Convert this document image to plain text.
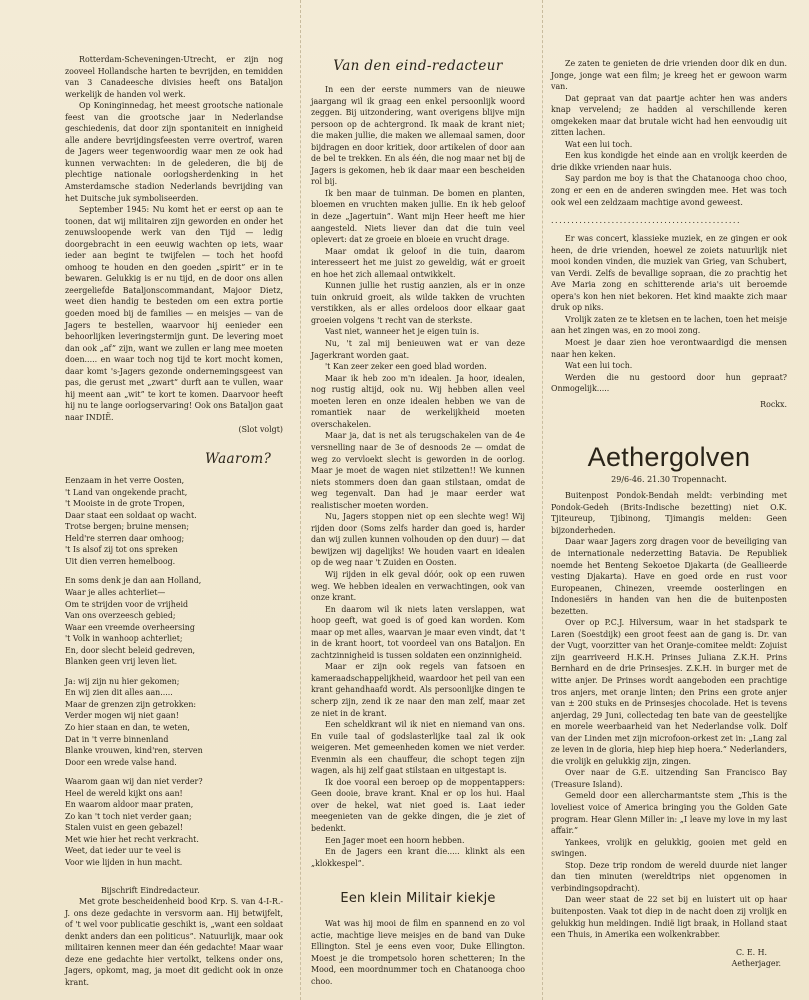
Rotterdam-Scheveningen-Utrecht, er zijn nog zooveel Hollandsche harten te bevrijden, en temidden van 3 Canadeesche divisies heeft ons Bataljon werkelijk de handen vol werk.

Op Koninginnedag, het meest grootsche nationale feest van die grootsche jaar in Nederlandse geschiedenis, dat door zijn spontaniteit en innigheid alle andere bevrijdingsfeesten verre overtrof, waren de Jagers weer tegenwoordig waar men ze ook had kunnen verwachten: in de gelederen, die bij de plechtige nationale oorlogsherdenking in het Amsterdamsche stadion Nederlands bevrijding van het Duitsche juk symboliseerden.

September 1945: Nu komt het er eerst op aan te toonen, dat wij militairen zijn geworden en onder het zenuwsloopende werk van den Tijd — ledig doorgebracht in een eeuwig wachten op iets, waar ieder aan begint te twijfelen — toch het hoofd omhoog te houden en den goeden „spirit” er in te bewaren. Gelukkig is er nu tijd, en de door ons allen zeergeliefde Bataljonscommandant, Majoor Dietz, weet dien handig te besteden om een extra portie goeden moed bij de families — en meisjes — van de Jagers te bestellen, waarvoor hij eenieder een behoorlijken leveringstermijn gunt. De levering moet dan ook „af” zijn, want we zullen er lang mee moeten doen..... en waar toch nog tijd te kort mocht komen, daar komt 's-Jagers gezonde ondernemingsgeest van pas, die gerust met „zwart” durft aan te vullen, waar hij meent aan „wit” te kort te komen. Daarvoor heeft hij nu te lange oorlogservaring! Ook ons Bataljon gaat naar INDIË.

(Slot volgt)

Waarom?

Eenzaam in het verre Oosten,

't Land van ongekende pracht,

't Mooiste in de grote Tropen,

Daar staat een soldaat op wacht.

Trotse bergen; bruine mensen;

Held're sterren daar omhoog;

't Is alsof zij tot ons spreken

Uit dien verren hemelboog.

En soms denk je dan aan Holland,

Waar je alles achterliet—

Om te strijden voor de vrijheid

Van ons overzeesch gebied;

Waar een vreemde overheersing

't Volk in wanhoop achterliet;

En, door slecht beleid gedreven,

Blanken geen vrij leven liet.

Ja: wij zijn nu hier gekomen;

En wij zien dit alles aan.....

Maar de grenzen zijn getrokken:

Verder mogen wij niet gaan!

Zo hier staan en dan, te weten,

Dat in 't verre binnenland

Blanke vrouwen, kind'ren, sterven

Door een wrede valse hand.

Waarom gaan wij dan niet verder?

Heel de wereld kijkt ons aan!

En waarom aldoor maar praten,

Zo kan 't toch niet verder gaan;

Stalen vuist en geen gebazel!

Met wie hier het recht verkracht.

Weet, dat ieder uur te veel is

Voor wie lijden in hun macht.

Bijschrift Eindredacteur.

Met grote bescheidenheid bood Krp. S. van 4-I-R.-J. ons deze gedachte in versvorm aan. Hij betwijfelt, of 't wel voor publicatie geschikt is, „want een soldaat denkt anders dan een politicus”. Natuurlijk, maar ook militairen kennen meer dan één gedachte! Maar waar deze ene gedachte hier vertolkt, telkens onder ons, Jagers, opkomt, mag, ja moet dit gedicht ook in onze krant.

Van den eind-redacteur

In een der eerste nummers van de nieuwe jaargang wil ik graag een enkel persoonlijk woord zeggen. Bij uitzondering, want overigens blijve mijn persoon op de achtergrond. Ik maak de krant niet; die maken jullie, die maken we allemaal samen, door bijdragen en door kritiek, door artikelen of door aan de bel te trekken. En als één, die nog maar net bij de Jagers is gekomen, heb ik daar maar een bescheiden rol bij.

Ik ben maar de tuinman. De bomen en planten, bloemen en vruchten maken jullie. En ik heb geloof in deze „Jagertuin”. Want mijn Heer heeft me hier aangesteld. Niets liever dan dat die tuin veel oplevert: dat ze groeie en bloeie en vrucht drage.

Maar omdat ik geloof in die tuin, daarom interesseert het me juist zo geweldig, wát er groeit en hoe het zich allemaal ontwikkelt.

Kunnen jullie het rustig aanzien, als er in onze tuin onkruid groeit, als wilde takken de vruchten verstikken, als er alles ordeloos door elkaar gaat groeien volgens 't recht van de sterkste.

Vast niet, wanneer het je eigen tuin is.

Nu, 't zal mij benieuwen wat er van deze Jagerkrant worden gaat.

't Kan zeer zeker een goed blad worden.

Maar ik heb zoo m'n idealen. Ja hoor, idealen, nog rustig altijd, ook nu. Wij hebben allen veel moeten leren en onze idealen hebben we van de romantiek naar de werkelijkheid moeten overschakelen.

Maar ja, dat is net als terugschakelen van de 4e versnelling naar de 3e of desnoods 2e — omdat de weg zo vervloekt slecht is geworden in de oorlog. Maar je moet de wagen niet stilzetten!! We kunnen niets stommers doen dan gaan stilstaan, omdat de weg tegenvalt. Dan had je maar eerder wat realistischer moeten worden.

Nu, Jagers stoppen niet op een slechte weg! Wij rijden door (Soms zelfs harder dan goed is, harder dan wij zullen kunnen volhouden op den duur) — dat bewijzen wij dagelijks! We houden vaart en idealen op de weg naar 't Zuiden en Oosten.

Wij rijden in elk geval dóór, ook op een ruwen weg. We hebben idealen en verwachtingen, ook van onze krant.

En daarom wil ik niets laten verslappen, wat hoop geeft, wat goed is of goed kan worden. Kom maar op met alles, waarvan je maar even vindt, dat 't in de krant hoort, tot voordeel van ons Bataljon. En zachtzinnigheid is tussen soldaten een onzinnigheid.

Maar er zijn ook regels van fatsoen en kameraadschappelijkheid, waardoor het peil van een krant gehandhaafd wordt. Als persoonlijke dingen te scherp zijn, zend ik ze naar den man zelf, maar zet ze niet in de krant.

Een scheldkrant wil ik niet en niemand van ons. En vuile taal of godslasterlijke taal zal ik ook weigeren. Met gemeenheden komen we niet verder. Evenmin als een chauffeur, die schopt tegen zijn wagen, als hij zelf gaat stilstaan en uitgestapt is.

Ik doe vooral een beroep op de moppentappers: Geen dooie, brave krant. Knal er op los hui. Haal over de hekel, wat niet goed is. Laat ieder meegenieten van de gekke dingen, die je ziet of bedenkt.

Een Jager moet een hoorn hebben.

En de Jagers een krant die..... klinkt als een „klokkespel”.

Een klein Militair kiekje

Wat was hij mooi de film en spannend en zo vol actie, machtige lieve meisjes en de band van Duke Ellington. Stel je eens even voor, Duke Ellington. Moest je die trompetsolo horen schetteren; In the Mood, een moordnummer toch en Chatanooga choo choo.

Ze zaten te genieten de drie vrienden door dik en dun. Jonge, jonge wat een film; je kreeg het er gewoon warm van.

Dat gepraat van dat paartje achter hen was anders knap vervelend; ze hadden al verschillende keren omgekeken maar dat brutale wicht had hen eenvoudig uit zitten lachen.

Wat een lui toch.

Een kus kondigde het einde aan en vrolijk keerden de drie dikke vrienden naar huis.

Say pardon me boy is that the Chatanooga choo choo, zong er een en de anderen swingden mee. Het was toch ook wel een zeldzaam machtige avond geweest.

...............................................

Er was concert, klassieke muziek, en ze gingen er ook heen, de drie vrienden, hoewel ze zoiets natuurlijk niet mooi konden vinden, die muziek van Grieg, van Schubert, van Verdi. Zelfs de bevallige sopraan, die zo prachtig het Ave Maria zong en schitterende aria's uit beroemde opera's kon hen niet bekoren. Het kind maakte zich maar druk op niks.

Vrolijk zaten ze te kletsen en te lachen, toen het meisje aan het zingen was, en zo mooi zong.

Moest je daar zien hoe verontwaardigd die mensen naar hen keken.

Wat een lui toch.

Werden die nu gestoord door hun gepraat? Onmogelijk.....

Rockx.

Aethergolven

29/6-46. 21.30 Tropennacht.

Buitenpost Pondok-Bendah meldt: verbinding met Pondok-Gedeh (Brits-Indische bezetting) niet O.K. Tjiteureup, Tjibinong, Tjimangis melden: Geen bijzonderheden.

Daar waar Jagers zorg dragen voor de beveiliging van de internationale nederzetting Batavia. De Republiek noemde het Benteng Sekoetoe Djakarta (de Geallieerde vesting Djakarta). Have en goed orde en rust voor Europeanen, Chinezen, vreemde oosterlingen en Indonesiërs in handen van hen die de buitenposten bezetten.

Over op P.C.J. Hilversum, waar in het stadspark te Laren (Soestdijk) een groot feest aan de gang is. Dr. van der Vugt, voorzitter van het Oranje-comitee meldt: Zojuist zijn gearriveerd H.K.H. Prinses Juliana Z.K.H. Prins Bernhard en de drie Prinsesjes. Z.K.H. in burger met de witte anjer. De Prinses wordt aangeboden een prachtige tros anjers, met oranje linten; den Prins een grote anjer van ± 200 stuks en de Prinsesjes chocolade. Het is tevens anjerdag, 29 Juni, collectedag ten bate van de geestelijke en morele weerbaarheid van het Nederlandse volk. Dolf van der Linden met zijn microfoon-orkest zet in: „Lang zal ze leven in de gloria, hiep hiep hiep hoera.” Nederlanders, die vrolijk en gelukkig zijn, zingen.

Over naar de G.E. uitzending San Francisco Bay (Treasure Island).

Gemeld door een allercharmantste stem „This is the loveliest voice of America bringing you the Golden Gate program. Hear Glenn Miller in: „I leave my love in my last affair.”

Yankees, vrolijk en gelukkig, gooien met geld en swingen.

Stop. Deze trip rondom de wereld duurde niet langer dan tien minuten (wereldtrips niet opgenomen in verbindingsopdracht).

Dan weer staat de 22 set bij en luistert uit op haar buitenposten. Vaak tot diep in de nacht doen zij vrolijk en gelukkig hun meldingen. Indië ligt braak, in Holland staat een Thuis, in Amerika een wolkenkrabber.

C. E. H.

Aetherjager.
